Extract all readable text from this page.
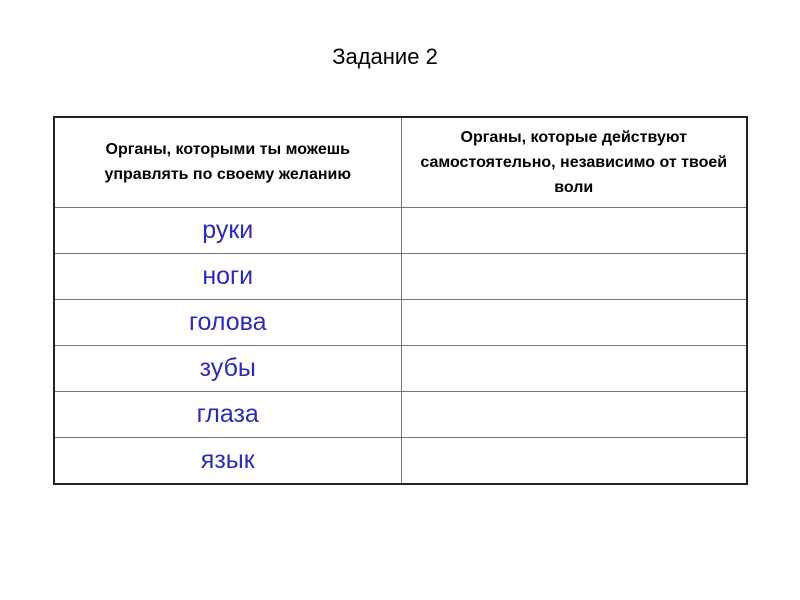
Задание 2
Органы, которыми ты можешь управлять по своему желанию	Органы, которые действуют самостоятельно, независимо от твоей воли
руки	
ноги	
голова	
зубы	
глаза	
язык	
